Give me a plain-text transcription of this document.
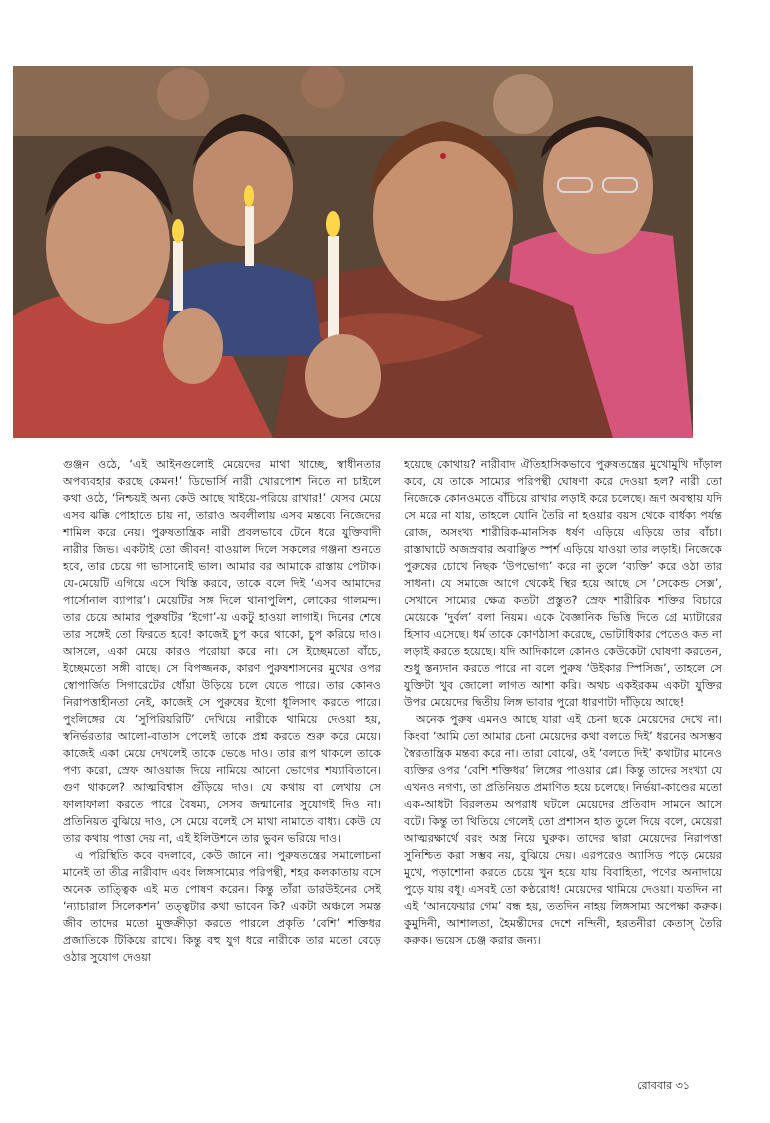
গুঞ্জন ওঠে, ‘এই আইনগুলোই মেয়েদের মাথা খাচ্ছে, স্বাধীনতার অপব্যবহার করছে কেমন!’ ডিভোর্সি নারী খোরপোশ নিতে না চাইলে কথা ওঠে, ‘নিশ্চয়ই অন্য কেউ আছে খাইয়ে-পরিয়ে রাখার!’ যেসব মেয়ে এসব ঝক্কি পোহাতে চায় না, তারাও অবলীলায় এসব মন্তব্যে নিজেদের শামিল করে নেয়। পুরুষতান্ত্রিক নারী প্রবলভাবে টেনে ধরে যুক্তিবাদী নারীর জিভ। একটাই তো জীবন! বাওয়াল দিলে সকলের গঞ্জনা শুনতে হবে, তার চেয়ে গা ভাসানোই ভাল। আমার বর আমাকে রাস্তায় পেটাক। যে-মেয়েটি এগিয়ে এসে খিস্তি করবে, তাকে বলে দিই ‘এসব আমাদের পার্সোনাল ব্যাপার’। মেয়েটির সঙ্গ দিলে থানাপুলিশ, লোকের গালমন্দ। তার চেয়ে আমার পুরুষটির ‘ইগো’-য় একটু হাওয়া লাগাই। দিনের শেষে তার সঙ্গেই তো ফিরতে হবে! কাজেই চুপ করে থাকো, চুপ করিয়ে দাও। আসলে, একা মেয়ে কারও পরোয়া করে না। সে ইচ্ছেমতো বাঁচে, ইচ্ছেমতো সঙ্গী বাছে। সে বিপজ্জনক, কারণ পুরুষশাসনের মুখের ওপর স্বোপার্জিত সিগারেটের ধোঁয়া উড়িয়ে চলে যেতে পারে। তার কোনও নিরাপত্তাহীনতা নেই, কাজেই সে পুরুষের ইগো ধূলিসাৎ করতে পারে। পুংলিঙ্গের যে ‘সুপিরিয়রিটি’ দেখিয়ে নারীকে থামিয়ে দেওয়া হয়, স্বনির্ভরতার আলো-বাতাস পেলেই তাকে প্রশ্ন করতে শুরু করে মেয়ে। কাজেই একা মেয়ে দেখলেই তাকে ভেঙে দাও। তার রূপ থাকলে তাকে পণ্য করো, স্রেফ আওয়াজ দিয়ে নামিয়ে আনো ভোগের শয্যাবিতানে। গুণ থাকলে? আত্মবিশ্বাস গুঁড়িয়ে দাও। যে কথায় বা লেখায় সে ফালাফালা করতে পারে বৈষম্য, সেসব জন্মানোর সুযোগই দিও না। প্রতিনিয়ত বুঝিয়ে দাও, সে মেয়ে বলেই সে মাথা নামাতে বাধ্য। কেউ যে তার কথায় পাত্তা দেয় না, এই ইলিউশনে তার ভুবন ভরিয়ে দাও।

এ পরিস্থিতি কবে বদলাবে, কেউ জানে না। পুরুষতন্ত্রের সমালোচনা মানেই তা তীব্র নারীবাদ এবং লিঙ্গসাম্যের পরিপন্থী, শহর কলকাতায় বসে অনেক তাত্ত্বিক এই মত পোষণ করেন। কিন্তু তাঁরা ডারউইনের সেই ‘ন্যাচারাল সিলেকশন’ তত্ত্বটার কথা ভাবেন কি? একটা অঞ্চলে সমস্ত জীব তাদের মতো মুক্তক্রীড়া করতে পারলে প্রকৃতি ‘বেশি’ শক্তিধর প্রজাতিকে টিকিয়ে রাখে। কিন্তু বহু যুগ ধরে নারীকে তার মতো বেড়ে ওঠার সুযোগ দেওয়া

হয়েছে কোথায়? নারীবাদ ঐতিহাসিকভাবে পুরুষতন্ত্রের মুখোমুখি দাঁড়াল কবে, যে তাকে সাম্যের পরিপন্থী ঘোষণা করে দেওয়া হল? নারী তো নিজেকে কোনওমতে বাঁচিয়ে রাখার লড়াই করে চলেছে। ভ্রূণ অবস্থায় যদি সে মরে না যায়, তাহলে যোনি তৈরি না হওয়ার বয়স থেকে বার্ধক্য পর্যন্ত রোজ, অসংখ্য শারীরিক-মানসিক ধর্ষণ এড়িয়ে এড়িয়ে তার বাঁচা। রাস্তাঘাটে অজস্রবার অবাঞ্ছিত স্পর্শ এড়িয়ে যাওয়া তার লড়াই। নিজেকে পুরুষের চোখে নিছক ‘উপভোগ্য’ করে না তুলে ‘ব্যক্তি’ করে ওঠা তার সাধনা। যে সমাজে আগে থেকেই স্থির হয়ে আছে সে ‘সেকেন্ড সেক্স’, সেখানে সাম্যের ক্ষেত্র কতটা প্রস্তুত? স্রেফ শারীরিক শক্তির বিচারে মেয়েকে ‘দুর্বল’ বলা নিয়ম। একে বৈজ্ঞানিক ভিত্তি দিতে গ্রে ম্যাটারের হিসাব এসেছে। ধর্ম তাকে কোণঠাসা করেছে, ভোটাধিকার পেতেও কত না লড়াই করতে হয়েছে। যদি আদিকালে কোনও কেউকেটা ঘোষণা করতেন, শুধু স্তন্যদান করতে পারে না বলে পুরুষ ‘উইকার স্পিসিজ’, তাহলে সে যুক্তিটা খুব জোলো লাগত আশা করি। অথচ একইরকম একটা যুক্তির উপর মেয়েদের দ্বিতীয় লিঙ্গ ভাবার পুরো ধারণাটা দাঁড়িয়ে আছে!

অনেক পুরুষ এমনও আছে যারা এই চেনা ছকে মেয়েদের দেখে না। কিংবা ‘আমি তো আমার চেনা মেয়েদের কথা বলতে দিই’ ধরনের অসম্ভব স্বৈরতান্ত্রিক মন্তব্য করে না। তারা বোঝে, ওই ‘বলতে দিই’ কথাটার মানেও ব্যক্তির ওপর ‘বেশি শক্তিধর’ লিঙ্গের পাওয়ার প্লে। কিন্তু তাদের সংখ্যা যে এখনও নগণ্য, তা প্রতিনিয়ত প্রমাণিত হয়ে চলেছে। নির্ভয়া-কাণ্ডের মতো এক-আধটা বিরলতম অপরাধ ঘটলে মেয়েদের প্রতিবাদ সামনে আসে বটে। কিন্তু তা থিতিয়ে গেলেই তো প্রশাসন হাত তুলে দিয়ে বলে, মেয়েরা আত্মরক্ষার্থে বরং অস্ত্র নিয়ে ঘুরুক। তাদের দ্বারা মেয়েদের নিরাপত্তা সুনিশ্চিত করা সম্ভব নয়, বুঝিয়ে দেয়। এরপরেও অ্যাসিড পড়ে মেয়ের মুখে, পড়াশোনা করতে চেয়ে খুন হয়ে যায় বিবাহিতা, পণের অনাদায়ে পুড়ে যায় বধূ। এসবই তো কণ্ঠরোধ! মেয়েদের থামিয়ে দেওয়া। যতদিন না এই ‘আনফেয়ার গেম’ বন্ধ হয়, ততদিন নাহয় লিঙ্গসাম্য অপেক্ষা করুক। কুমুদিনী, আশালতা, হৈমন্তীদের দেশে নন্দিনী, হরতনীরা কেতাস্‌ তৈরি করুক। ভয়েস চেঞ্জ করার জন্য।

রোববার ৩১
